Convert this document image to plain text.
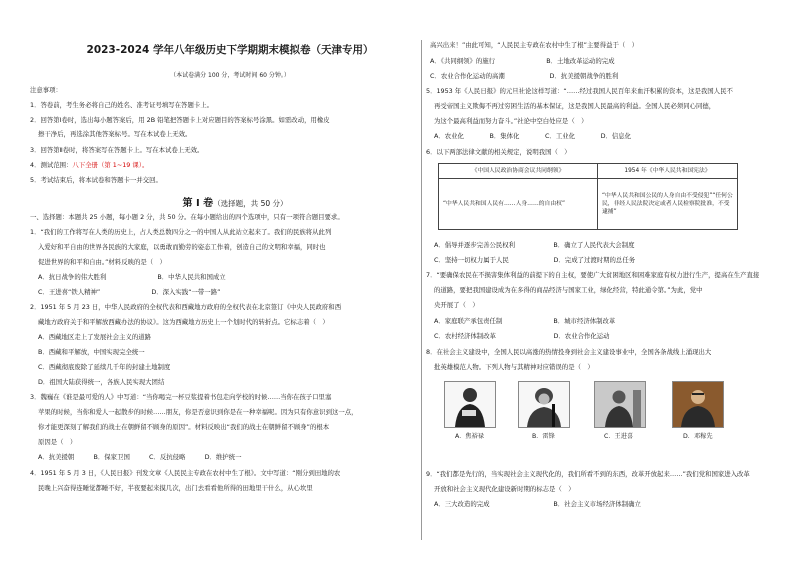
2023-2024 学年八年级历史下学期期末模拟卷（天津专用）
（本试卷满分 100 分，考试时间 60 分钟。）
注意事项：
1．答卷前，考生务必将自己的姓名、准考证号填写在答题卡上。
2．回答第Ⅰ卷时，选出每小题答案后，用 2B 铅笔把答题卡上对应题目的答案标号涂黑。如需改动，用橡皮
擦干净后，再选涂其他答案标号。写在本试卷上无效。
3．回答第Ⅱ卷时，将答案写在答题卡上。写在本试卷上无效。
4．测试范围：八下全册（第 1~19 课）。
5．考试结束后，将本试卷和答题卡一并交回。
第 Ⅰ 卷（选择题，共 50 分）
一、选择题：本题共 25 小题，每小题 2 分，共 50 分。在每小题给出的四个选项中，只有一项符合题目要求。
1．“我们的工作将写在人类的历史上，占人类总数四分之一的中国人从此站立起来了。我们的民族将从此列
入爱好和平自由的世界各民族的大家庭，以勇敢而勤劳的姿态工作着，创造自己的文明和幸福，同时也
促进世界的和平和自由。”材料反映的是（　）
A．抗日战争的伟大胜利　　　　　　　　B．中华人民共和国成立
C．王进喜“铁人精神”　　　　　　　　D．深入实践“一带一路”
2．1951 年 5 月 23 日，中华人民政府的全权代表和西藏地方政府的全权代表在北京签订《中央人民政府和西
藏地方政府关于和平解放西藏办法的协议》。这为西藏地方历史上一个划时代的转折点。它标志着（　）
A．西藏地区走上了发展社会主义的道路
B．西藏和平解放，中国实现完全统一
C．西藏彻底废除了延续几千年的封建土地制度
D．祖国大陆获得统一，各族人民实现大团结
3．魏巍在《谁是最可爱的人》中写道：“当你喝完一杯豆浆提着书包走向学校的时候……当你在孩子口里塞
苹果的时候，当你和爱人一起散步的时候……朋友，你是否意识到你是在一种幸福呢。因为只有你意识到这一点，
你才能更深刻了解我们的战士在朝鲜留不顾身的原因”。材料反映出“我们的战士在朝鲜留不顾身”的根本
原因是（　）
A．抗美援朝　　　B．保家卫国　　　C．反抗侵略　　　D．维护统一
4．1951 年 5 月 3 日，《人民日报》刊发文章《人民民主专政在农村中生了根》。文中写道：“刚分到田地的农
民晚上兴奋得连睡觉都睡不好，半夜要起来摸几次，出门去看看他所得的田地里干什么，从心坎里
高兴出来！”由此可知，“人民民主专政在农村中生了根”主要得益于（　）
A．《共同纲领》的施行　　　　　　　　B．土地改革运动的完成
C．农业合作化运动的高潮　　　　　　　D．抗美援朝战争的胜利
5．1953 年《人民日报》的元旦社论这样写道：“……经过我国人民百年来血汗积累的资本，这是我国人民不
再受帝国主义欺侮不再过穷困生活的基本保证，这是我国人民最高的利益。全国人民必须同心同德，
为这个最高利益而努力奋斗。”社论中空白处应是（　）
A．农业化　　　　B．集体化　　　　C．工业化　　　　D．信息化
6．以下两部法律文献的相关规定，说明我国（　）
A．倡导并逐步完善公民权利　　　　　　B．确立了人民代表大会制度
C．坚持一切权力属于人民　　　　　　　D．完成了过渡时期的总任务
7．“要确保农民在不损害集体利益的前提下的自主权，要使广大贫困地区和困难家庭有权力进行生产，提高在生产直接
的道路，要把我国建设成为在多得的商品经济与国家工业，绿化经营，特此通令第。”为此，党中
央开展了（　）
A．家庭联产承包责任制　　　　　　　　B．城市经济体制改革
C．农村经济体制改革　　　　　　　　　D．农业合作化运动
8．在社会主义建设中，全国人民以高涨的热情投身到社会主义建设事业中，全国各条战线上涌现出大
批英雄模范人物。下列人物与其精神对应错误的是（　）
9．“我们都是先行的，当实现社会主义现代化的，我们所看不到的东西，改革开放起来……”我们党和国家进入改革
开放和社会主义现代化建设新时期的标志是（　）
A．三大改造的完成　　　　　　　　　　B．社会主义市场经济体制确立
《中国人民政治协商会议共同纲领》	1954 年《中华人民共和国宪法》
“中华人民共和国人民有……人身……的自由权”	“中华人民共和国公民的人身自由不受侵犯”“任何公民，非经人民法院决定或者人民检察院批准，不受逮捕”
A．焦裕禄	B．雷锋	C．王进喜	D．邓稼先
